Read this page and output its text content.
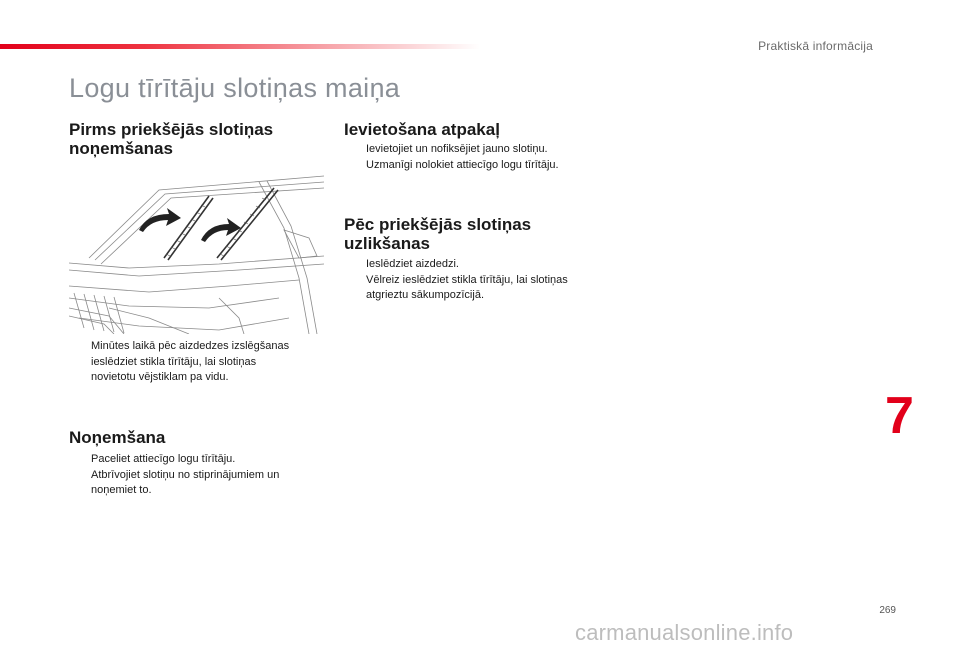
Praktiskā informācija
Logu tīrītāju slotiņas maiņa
Pirms priekšējās slotiņas
noņemšanas
Minūtes laikā pēc aizdedzes izslēgšanas
ieslēdziet stikla tīrītāju, lai slotiņas
novietotu vējstiklam pa vidu.
Noņemšana
Paceliet attiecīgo logu tīrītāju.
Atbrīvojiet slotiņu no stiprinājumiem un
noņemiet to.
Ievietošana atpakaļ
Ievietojiet un nofiksējiet jauno slotiņu.
Uzmanīgi nolokiet attiecīgo logu tīrītāju.
Pēc priekšējās slotiņas
uzlikšanas
Ieslēdziet aizdedzi.
Vēlreiz ieslēdziet stikla tīrītāju, lai slotiņas
atgrieztu sākumpozīcijā.
7
269
carmanualsonline.info
